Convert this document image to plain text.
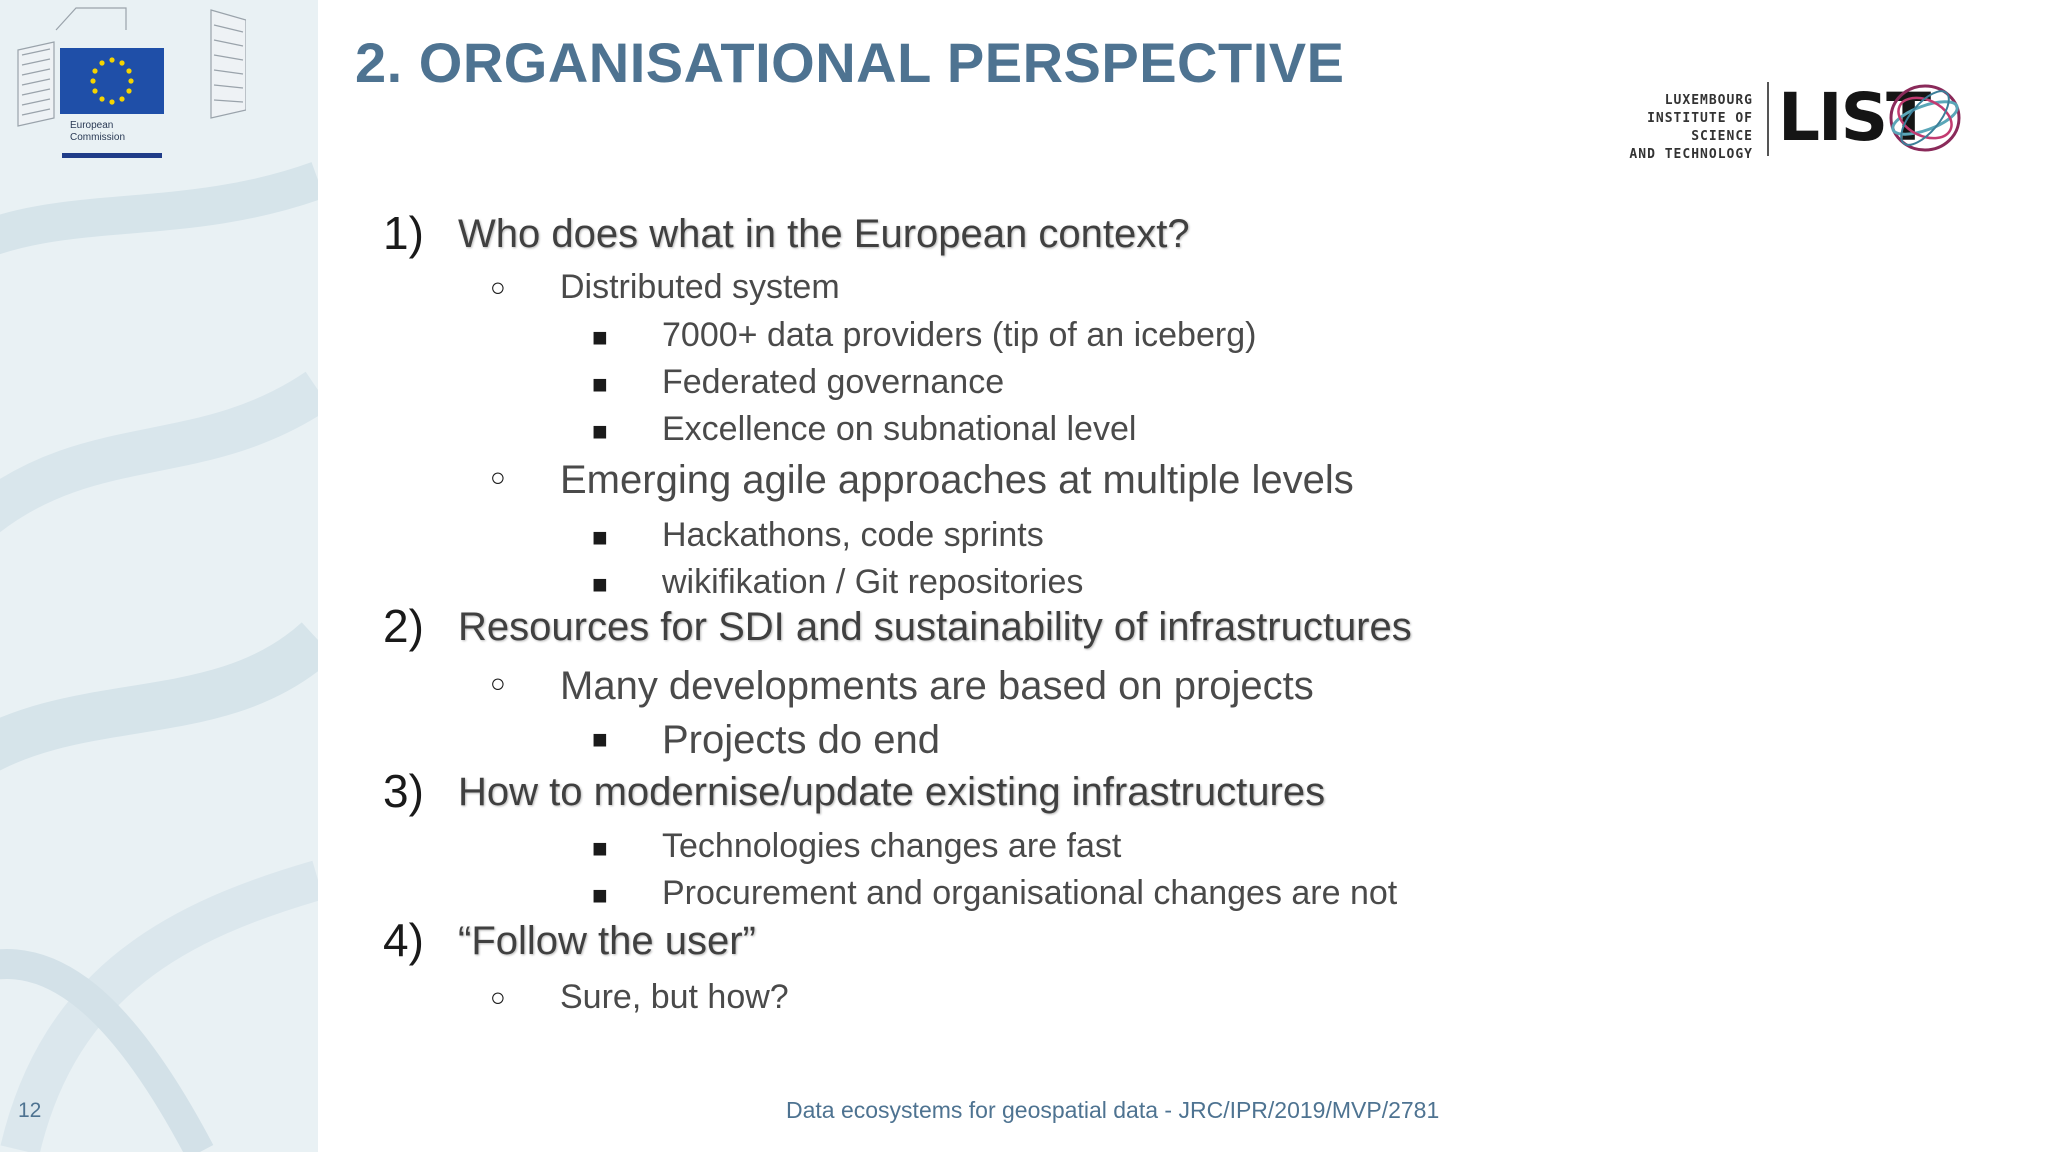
European Commission
12
2. ORGANISATIONAL PERSPECTIVE
LUXEMBOURG
INSTITUTE OF SCIENCE
AND TECHNOLOGY LIST
1) Who does what in the European context?
○ Distributed system
■ 7000+ data providers (tip of an iceberg)
■ Federated governance
■ Excellence on subnational level
○ Emerging agile approaches at multiple levels
■ Hackathons, code sprints
■ wikifikation / Git repositories
2) Resources for SDI and sustainability of infrastructures
○ Many developments are based on projects
■ Projects do end
3) How to modernise/update existing infrastructures
■ Technologies changes are fast
■ Procurement and organisational changes are not
4) “Follow the user”
○ Sure, but how?
Data ecosystems for geospatial data - JRC/IPR/2019/MVP/2781
